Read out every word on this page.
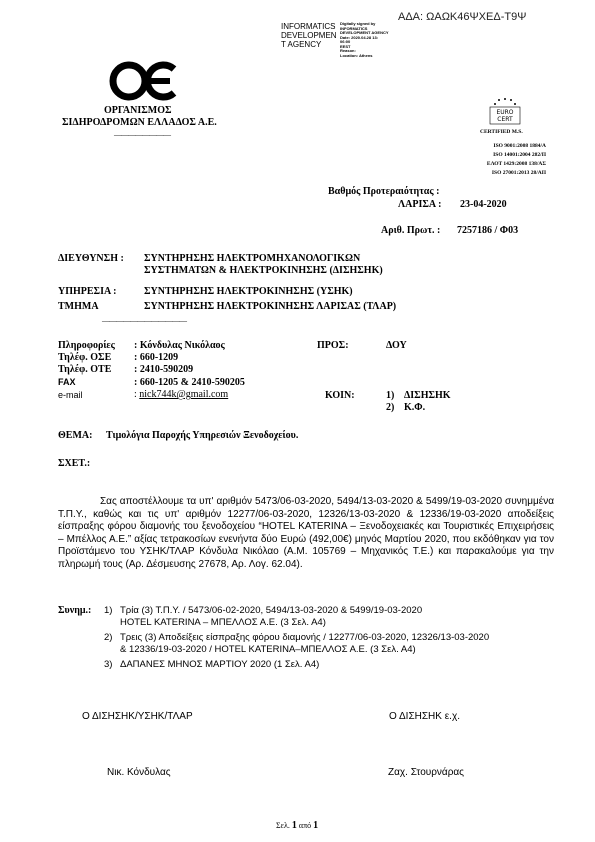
ΑΔΑ: ΩΑΩΚ46ΨΧΕΔ-Τ9Ψ
INFORMATICS
DEVELOPMEN
T AGENCY
Digitally signed by
INFORMATICS
DEVELOPMENT AGENCY
Date: 2020.04.28 13:
06:00
EEST
Reason:
Location: Athens
ΟΡΓΑΝΙΣΜΟΣ
ΣΙΔΗΡΟΔΡΟΜΩΝ ΕΛΛΑΔΟΣ Α.Ε.
————————
EURO
CERT
CERTIFIED M.S.
ISO 9001:2008 1884/A
ISO 14001:2004 282/Π
ΕΛΟΤ 1429:2008 138/ΑΣ
ISO 27001:2013 28/ΑΠ
Βαθμός Προτεραιότητας :
ΛΑΡΙΣΑ : 23-04-2020
Αριθ. Πρωτ. : 7257186 / Φ03
ΔΙΕΥΘΥΝΣΗ : ΣΥΝΤΗΡΗΣΗΣ ΗΛΕΚΤΡΟΜΗΧΑΝΟΛΟΓΙΚΩΝ
ΣΥΣΤΗΜΑΤΩΝ & ΗΛΕΚΤΡΟΚΙΝΗΣΗΣ (ΔΙΣΗΣΗΚ)
ΥΠΗΡΕΣΙΑ :	ΣΥΝΤΗΡΗΣΗΣ ΗΛΕΚΤΡΟΚΙΝΗΣΗΣ (ΥΣΗΚ)
ΤΜΗΜΑ	ΣΥΝΤΗΡΗΣΗΣ ΗΛΕΚΤΡΟΚΙΝΗΣΗΣ ΛΑΡΙΣΑΣ (ΤΛΑΡ)
————————————
Πληροφορίες : Κόνδυλας Νικόλαος
Τηλέφ. ΟΣΕ : 660-1209
Τηλέφ. ΟΤΕ : 2410-590209
FAX	: 660-1205 & 2410-590205
e-mail	: nick744k@gmail.com
ΠΡΟΣ:	ΔΟΥ
ΚΟΙΝ:	1) ΔΙΣΗΣΗΚ
2) Κ.Φ.
ΘΕΜΑ: Τιμολόγια Παροχής Υπηρεσιών Ξενοδοχείου.
ΣΧΕΤ.:
Σας αποστέλλουμε τα υπ' αριθμόν 5473/06-03-2020, 5494/13-03-2020 & 5499/19-03-2020 συνημμένα Τ.Π.Υ., καθώς και τις υπ' αριθμόν 12277/06-03-2020, 12326/13-03-2020 & 12336/19-03-2020 αποδείξεις είσπραξης φόρου διαμονής του ξενοδοχείου “HOTEL KATERINA – Ξενοδοχειακές και Τουριστικές Επιχειρήσεις – Μπέλλος Α.Ε.” αξίας τετρακοσίων ενενήντα δύο Ευρώ (492,00€) μηνός Μαρτίου 2020, που εκδόθηκαν για τον Προϊστάμενο του ΥΣΗΚ/ΤΛΑΡ Κόνδυλα Νικόλαο (Α.Μ. 105769 – Μηχανικός Τ.Ε.) και παρακαλούμε για την πληρωμή τους (Αρ. Δέσμευσης 27678, Αρ. Λογ. 62.04).
Συνημ.: 1) Τρία (3) Τ.Π.Υ. / 5473/06-02-2020, 5494/13-03-2020 & 5499/19-03-2020
HOTEL KATERINA – ΜΠΕΛΛΟΣ Α.Ε. (3 Σελ. Α4)
2) Τρεις (3) Αποδείξεις είσπραξης φόρου διαμονής / 12277/06-03-2020, 12326/13-03-2020
& 12336/19-03-2020 / HOTEL KATERINA–ΜΠΕΛΛΟΣ Α.Ε. (3 Σελ. Α4)
3) ΔΑΠΑΝΕΣ ΜΗΝΟΣ ΜΑΡΤΙΟΥ 2020 (1 Σελ. Α4)
Ο ΔΙΣΗΣΗΚ/ΥΣΗΚ/ΤΛΑΡ
Νικ. Κόνδυλας
Ο ΔΙΣΗΣΗΚ ε.χ.
Ζαχ. Στουρνάρας
Σελ. 1 από 1
